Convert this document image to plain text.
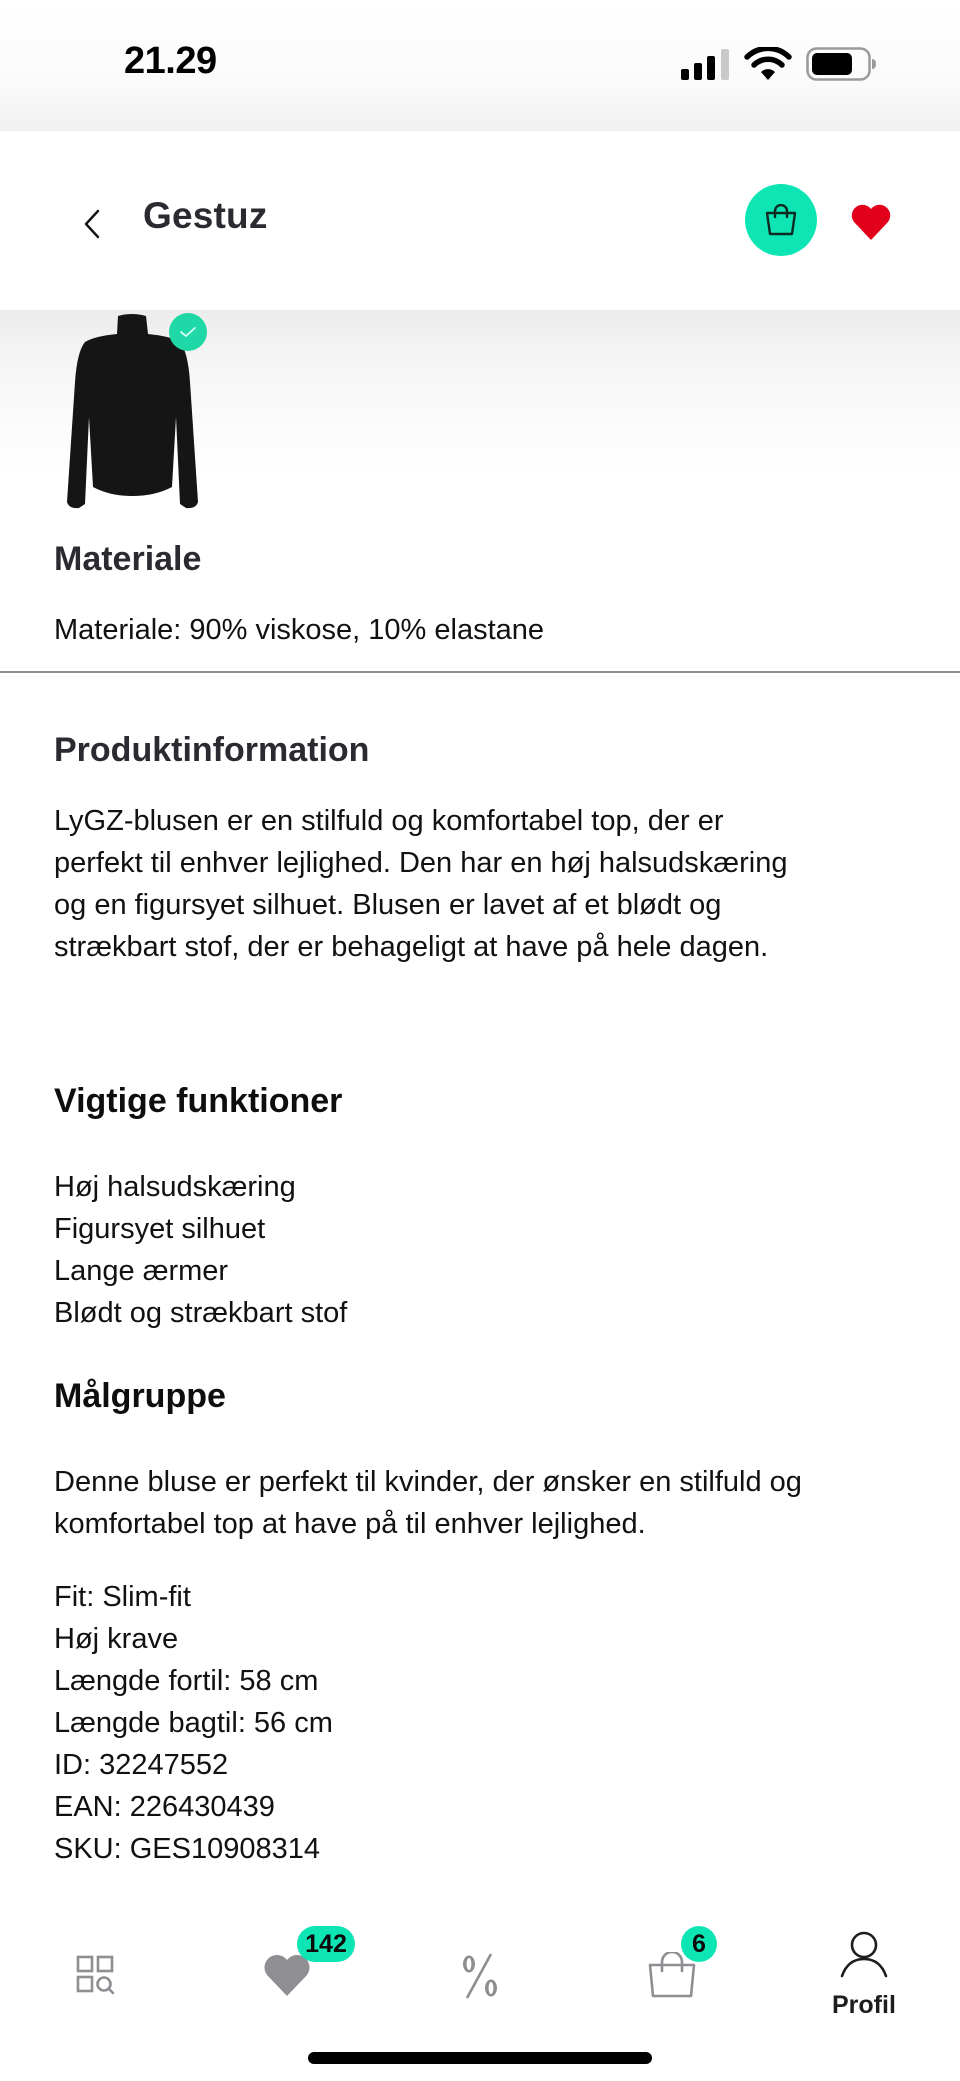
21.29
Gestuz
Materiale
Materiale: 90% viskose, 10% elastane
Produktinformation
LyGZ-blusen er en stilfuld og komfortabel top, der er
perfekt til enhver lejlighed. Den har en høj halsudskæring
og en figursyet silhuet. Blusen er lavet af et blødt og
strækbart stof, der er behageligt at have på hele dagen.
Vigtige funktioner
Høj halsudskæring
Figursyet silhuet
Lange ærmer
Blødt og strækbart stof
Målgruppe
Denne bluse er perfekt til kvinder, der ønsker en stilfuld og
komfortabel top at have på til enhver lejlighed.
Fit: Slim-fit
Høj krave
Længde fortil: 58 cm
Længde bagtil: 56 cm
ID: 32247552
EAN: 226430439
SKU: GES10908314
142	6
Profil
